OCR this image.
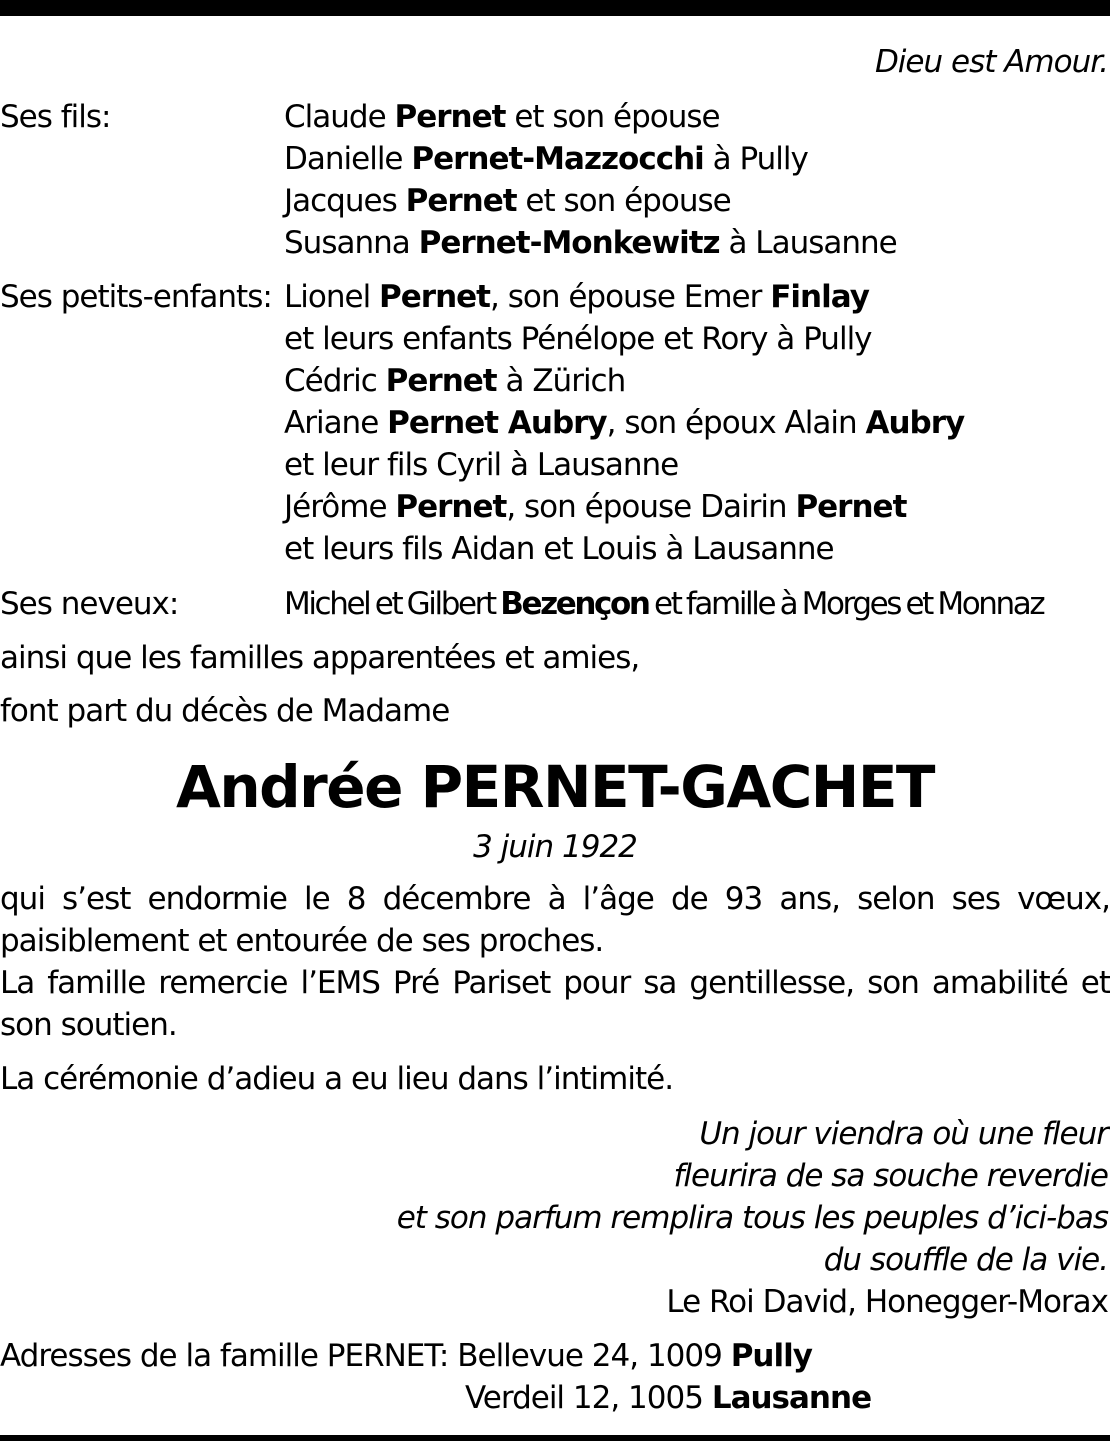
Dieu est Amour.
Ses fils:	Claude Pernet et son épouse
Danielle Pernet-Mazzocchi à Pully
Jacques Pernet et son épouse
Susanna Pernet-Monkewitz à Lausanne
Ses petits-enfants: Lionel Pernet, son épouse Emer Finlay
et leurs enfants Pénélope et Rory à Pully
Cédric Pernet à Zürich
Ariane Pernet Aubry, son époux Alain Aubry
et leur fils Cyril à Lausanne
Jérôme Pernet, son épouse Dairin Pernet
et leurs fils Aidan et Louis à Lausanne
Ses neveux:	Michel et Gilbert Bezençon et famille à Morges et Monnaz
ainsi que les familles apparentées et amies,
font part du décès de Madame
Andrée PERNET-GACHET
3 juin 1922
qui s’est endormie le 8 décembre à l’âge de 93 ans, selon ses vœux,
paisiblement et entourée de ses proches.
La famille remercie l’EMS Pré Pariset pour sa gentillesse, son amabilité et
son soutien.
La cérémonie d’adieu a eu lieu dans l’intimité.
Un jour viendra où une fleur
fleurira de sa souche reverdie
et son parfum remplira tous les peuples d’ici-bas
du souffle de la vie.
Le Roi David, Honegger-Morax
Adresses de la famille PERNET: Bellevue 24, 1009 Pully
Verdeil 12, 1005 Lausanne
